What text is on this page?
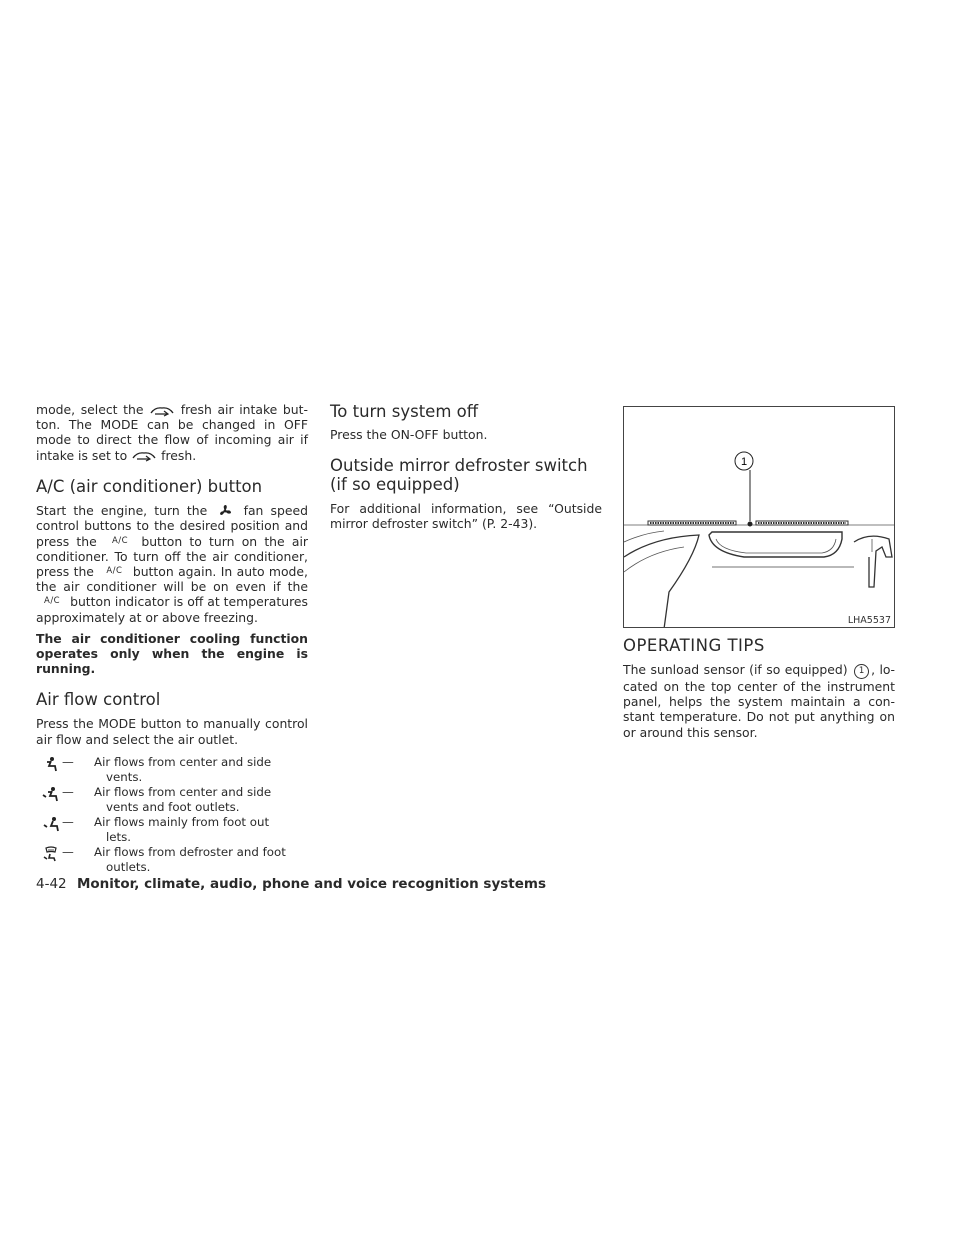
mode, select the	fresh air intake button. The MODE can be changed in OFF mode to direct the flow of incoming air if intake is set to	fresh.

A/C (air conditioner) button

Start the engine, turn the	fan speed control buttons to the desired position and press the A/C button to turn on the air conditioner. To turn off the air conditioner, press the A/C button again. In auto mode, the air conditioner will be on even if the A/C button indicator is off at temperatures approximately at or above freezing.

The air conditioner cooling function operates only when the engine is running.

Air flow control

Press the MODE button to manually control air flow and select the air outlet.

—	Air flows from center and side
vents.
—	Air flows from center and side
vents and foot outlets.
—	Air flows mainly from foot out
lets.
—	Air flows from defroster and foot
outlets.
To turn system off

Press the ON-OFF button.

Outside mirror defroster switch
(if so equipped)

For additional information, see “Outside mirror defroster switch” (P. 2-43).

1
LHA5537
OPERATING TIPS

The sunload sensor (if so equipped) 1 , located on the top center of the instrument panel, helps the system maintain a constant temperature. Do not put anything on or around this sensor.

4-42 Monitor, climate, audio, phone and voice recognition systems
